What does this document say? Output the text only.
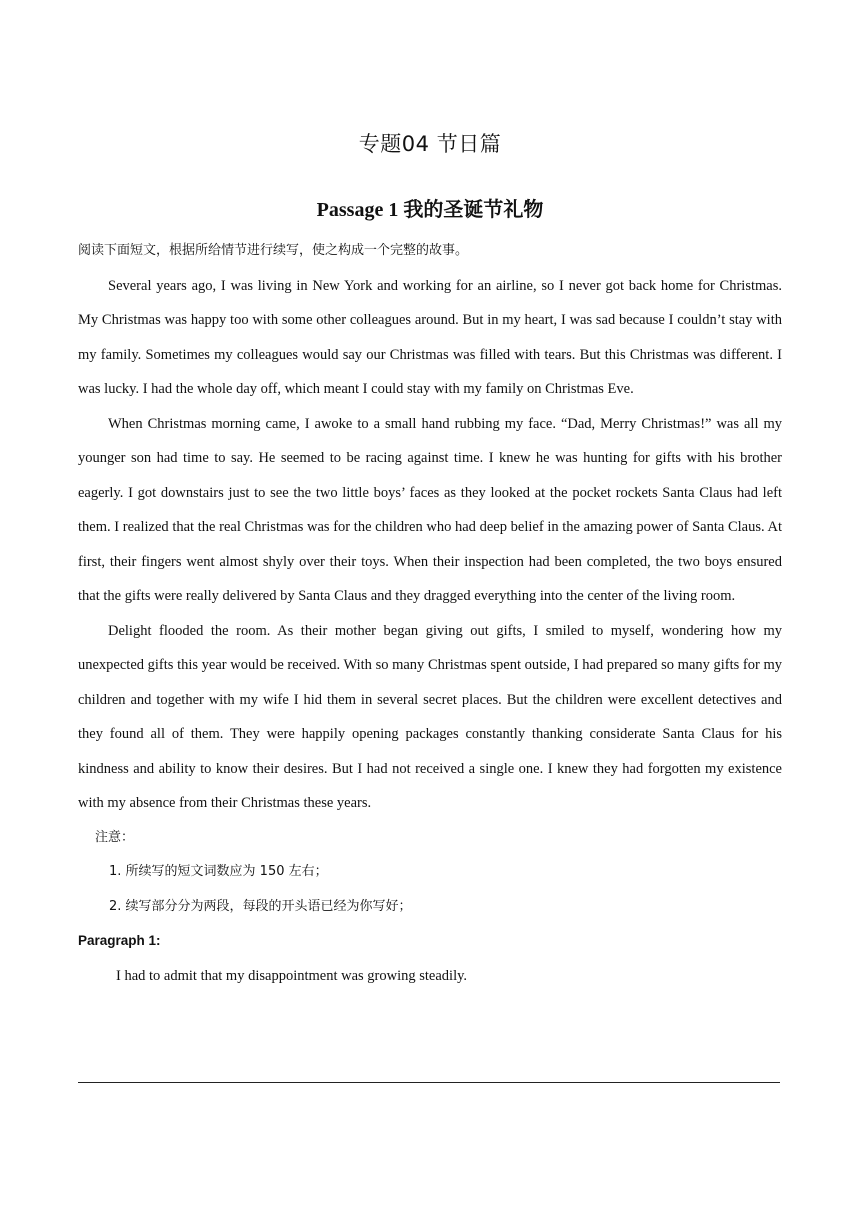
专题04 节日篇
Passage 1 我的圣诞节礼物

阅读下面短文，根据所给情节进行续写，使之构成一个完整的故事。

Several years ago, I was living in New York and working for an airline, so I never got back home for Christmas. My Christmas was happy too with some other colleagues around. But in my heart, I was sad because I couldn’t stay with my family. Sometimes my colleagues would say our Christmas was filled with tears. But this Christmas was different. I was lucky. I had the whole day off, which meant I could stay with my family on Christmas Eve.

When Christmas morning came, I awoke to a small hand rubbing my face. “Dad, Merry Christmas!” was all my younger son had time to say. He seemed to be racing against time. I knew he was hunting for gifts with his brother eagerly. I got downstairs just to see the two little boys’ faces as they looked at the pocket rockets Santa Claus had left them. I realized that the real Christmas was for the children who had deep belief in the amazing power of Santa Claus. At first, their fingers went almost shyly over their toys. When their inspection had been completed, the two boys ensured that the gifts were really delivered by Santa Claus and they dragged everything into the center of the living room.

Delight flooded the room. As their mother began giving out gifts, I smiled to myself, wondering how my unexpected gifts this year would be received. With so many Christmas spent outside, I had prepared so many gifts for my children and together with my wife I hid them in several secret places. But the children were excellent detectives and they found all of them. They were happily opening packages constantly thanking considerate Santa Claus for his kindness and ability to know their desires. But I had not received a single one. I knew they had forgotten my existence with my absence from their Christmas these years.

注意：

1. 所续写的短文词数应为 150 左右；

2. 续写部分分为两段，每段的开头语已经为你写好；

Paragraph 1:

I had to admit that my disappointment was growing steadily.
